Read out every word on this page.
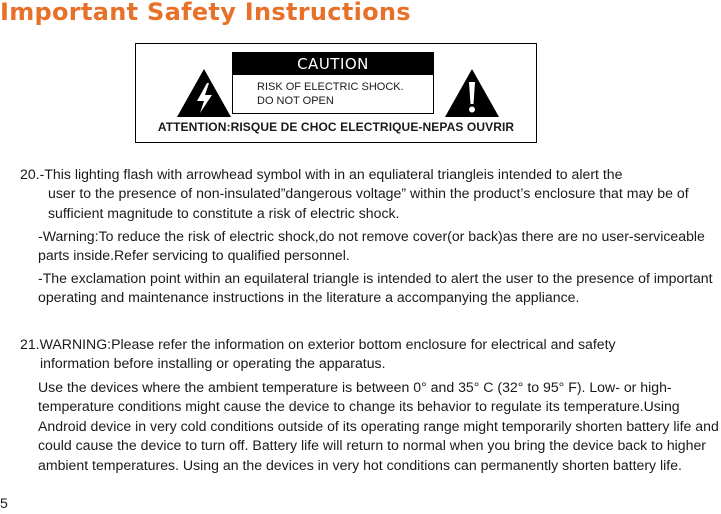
Important Safety Instructions
CAUTION
RISK OF ELECTRIC SHOCK.
DO NOT OPEN
ATTENTION:RISQUE DE CHOC ELECTRIQUE-NEPAS OUVRIR

20.-This lighting flash with arrowhead symbol with in an equliateral triangleis intended to alert the
user to the presence of non-insulated”dangerous voltage” within the product’s enclosure that may be of sufficient magnitude to constitute a risk of electric shock.

-Warning:To reduce the risk of electric shock,do not remove cover(or back)as there are no user-serviceable parts inside.Refer servicing to qualified personnel.

-The exclamation point within an equilateral triangle is intended to alert the user to the presence of important operating and maintenance instructions in the literature a accompanying the appliance.

21.WARNING:Please refer the information on exterior bottom enclosure for electrical and safety
information before installing or operating the apparatus.

Use the devices where the ambient temperature is between 0° and 35° C (32° to 95° F). Low- or high-temperature conditions might cause the device to change its behavior to regulate its temperature.Using Android device in very cold conditions outside of its operating range might temporarily shorten battery life and could cause the device to turn off. Battery life will return to normal when you bring the device back to higher ambient temperatures. Using an the devices in very hot conditions can permanently shorten battery life.

5
